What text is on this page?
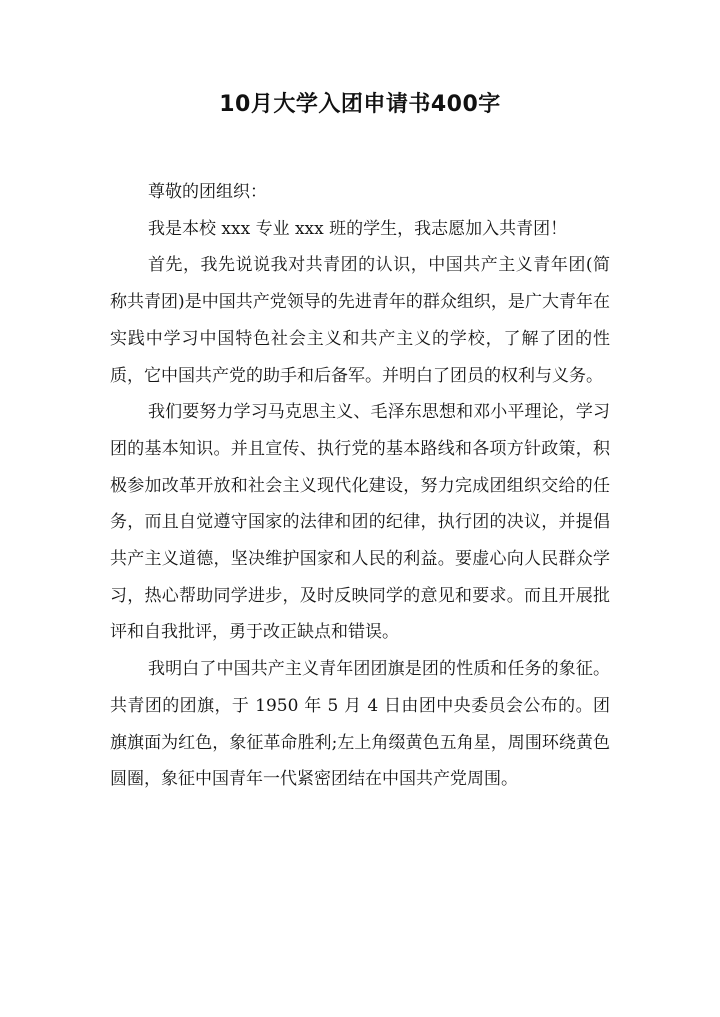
10月大学入团申请书400字

尊敬的团组织：

我是本校 xxx 专业 xxx 班的学生，我志愿加入共青团！

首先，我先说说我对共青团的认识，中国共产主义青年团(简称共青团)是中国共产党领导的先进青年的群众组织，是广大青年在实践中学习中国特色社会主义和共产主义的学校，了解了团的性质，它中国共产党的助手和后备军。并明白了团员的权利与义务。

我们要努力学习马克思主义、毛泽东思想和邓小平理论，学习团的基本知识。并且宣传、执行党的基本路线和各项方针政策，积极参加改革开放和社会主义现代化建设，努力完成团组织交给的任务，而且自觉遵守国家的法律和团的纪律，执行团的决议，并提倡共产主义道德，坚决维护国家和人民的利益。要虚心向人民群众学习，热心帮助同学进步，及时反映同学的意见和要求。而且开展批评和自我批评，勇于改正缺点和错误。

我明白了中国共产主义青年团团旗是团的性质和任务的象征。共青团的团旗，于 1950 年 5 月 4 日由团中央委员会公布的。团旗旗面为红色，象征革命胜利;左上角缀黄色五角星，周围环绕黄色圆圈，象征中国青年一代紧密团结在中国共产党周围。
